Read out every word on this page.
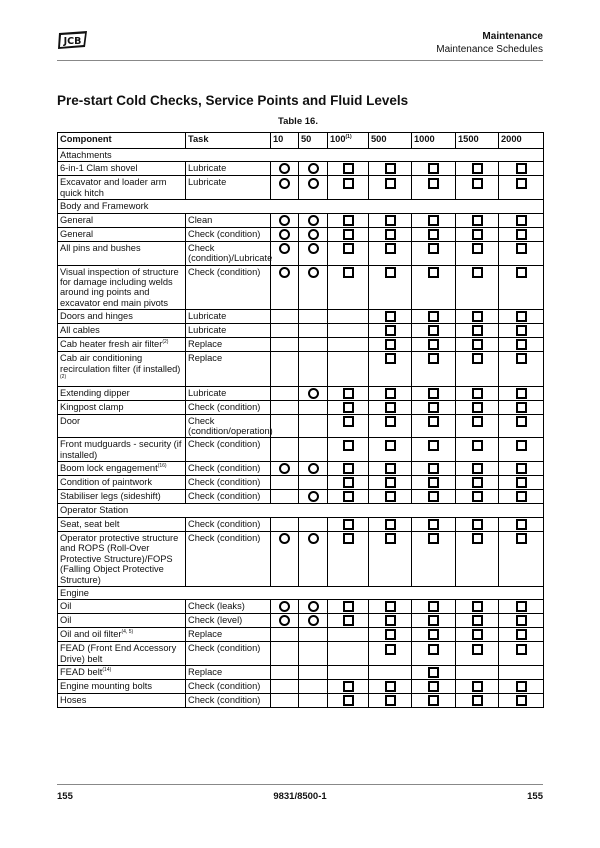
JCB	Maintenance
Maintenance Schedules
Pre-start Cold Checks, Service Points and Fluid Levels
Table 16.
Component	Task	10	50	100$^{(1)}$	500	1000	1500	2000
Attachments								
6-in-1 Clam shovel	Lubricate							
Excavator and loader arm quick hitch	Lubricate							
Body and Framework								
General	Clean							
General	Check (condition)							
All pins and bushes	Check (condition)/Lubricate							
Visual inspection of structure for damage including welds around ing points and excavator end main pivots	Check (condition)							
Doors and hinges	Lubricate							
All cables	Lubricate							
Cab heater fresh air filter$^{(2)}$	Replace							
Cab air conditioning recirculation filter (if installed)$^{(2)}$	Replace							
Extending dipper	Lubricate							
Kingpost clamp	Check (condition)							
Door	Check (condition/operation)							
Front mudguards - security (if installed)	Check (condition)							
Boom lock engagement$^{(16)}$	Check (condition)							
Condition of paintwork	Check (condition)							
Stabiliser legs (sideshift)	Check (condition)							
Operator Station								
Seat, seat belt	Check (condition)							
Operator protective structure and ROPS (Roll-Over Protective Structure)/FOPS (Falling Object Protective Structure)	Check (condition)							
Engine								
Oil	Check (leaks)							
Oil	Check (level)							
Oil and oil filter$^{(4, 5)}$	Replace							
FEAD (Front End Accessory Drive) belt	Check (condition)							
FEAD belt$^{(14)}$	Replace							
Engine mounting bolts	Check (condition)							
Hoses	Check (condition)							
155	9831/8500-1	155
